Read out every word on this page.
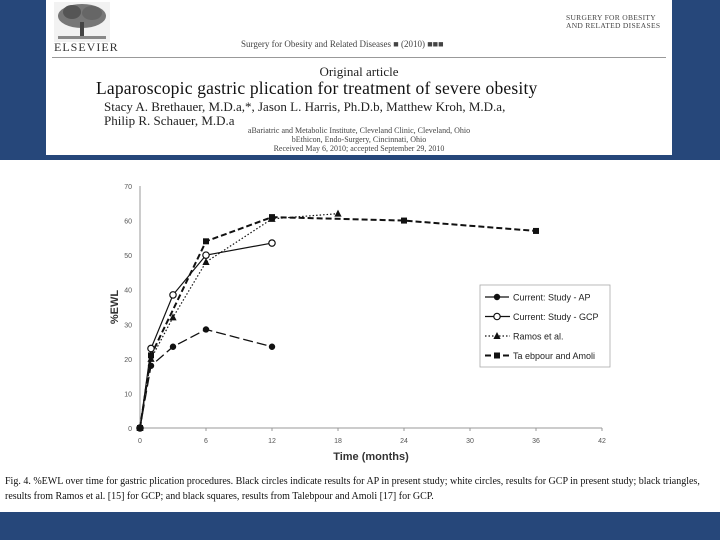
ELSEVIER	Surgery for Obesity and Related Diseases ■ (2010) ■■■
SURGERY FOR OBESITY
AND RELATED DISEASES
Original article
Laparoscopic gastric plication for treatment of severe obesity
Stacy A. Brethauer, M.D.a,*, Jason L. Harris, Ph.D.b, Matthew Kroh, M.D.a,
Philip R. Schauer, M.D.a
aBariatric and Metabolic Institute, Cleveland Clinic, Cleveland, Ohio
bEthicon, Endo-Surgery, Cincinnati, Ohio
Received May 6, 2010; accepted September 29, 2010
0
10
20
30
40
50
60
70
0	6	12	18	24	30	36	42
Time (months)
%EWL	Current: Study - AP
Current: Study - GCP
Ramos et al.
Ta ebpour and Amoli
Fig. 4. %EWL over time for gastric plication procedures. Black circles indicate results for AP in present study; white circles, results for GCP in present study; black triangles, results from Ramos et al. [15] for GCP; and black squares, results from Talebpour and Amoli [17] for GCP.
